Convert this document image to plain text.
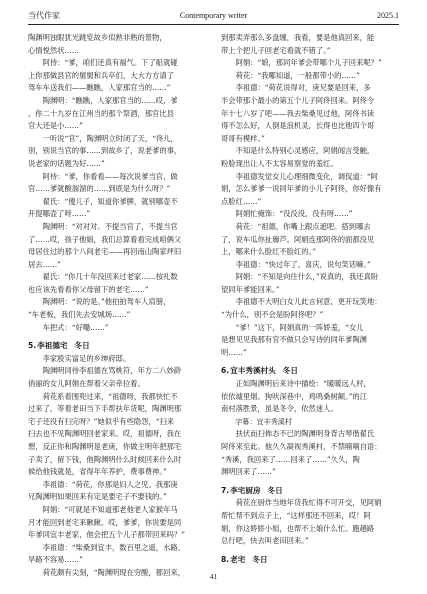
当代作家	Contemporary writer	2025.1

陶渊明浊眼犹光跳览故乡似熟非熟的景物，

心情悦然状……

阿侍：“爹，咱们还真有福气。下了船就碰

上你那做县官的舅舅和兵卒们，大大方方请了

驾车车送我们——瞧瞧，人家那官当的……”

陶渊明：“瞧瞧，人家那官当的……哎，爹

，你二十九岁在江州当的那个祭酒，那官比县

官大还是小……”

一听说“官”，陶渊明立时闭了天，“佟儿，

别，别说当官的事……到故乡了，说老爹的事，

说老家的话题为好……”

阿侍：“爹，你看看——每次说爹当官，做

官……爹就酸溜溜的……到底是为什么呀？”

翟氏：“傻儿子，知道你爹脾，就别哪壶不

开提哪壶了呀……”

陶渊明：“对对对。不提当官了，不提当官

了……哎，孩子他娘，我们总算看看完成咱俩父

母居住过的那个八间老宅——再回南山陶家坪旧

居去……”

翟氏：“你几十年没回来过老家……按礼数

也应该先看看你父母留下的老宅……”

陶渊明：“说的是。”他拍拍驾车人肩膀，

“车老板，我们先去安城场……”

车把式：“好嘞……”

5.李祖德宅 冬日

李家殷实富足的乡绅府邸。

陶渊明同侍李祖德在骂桃符，年方二八妙龄

俏丽的女儿阿娟在帮着父亲牵拉着。

荷花系着围兜过来，“祖德呀，我都快忙不

过来了，等着老田当下手帮扶年货呢，陶渊明那

宅子还没有扫完呀？”她似乎有些隐怨，“扫来

扫去也不见陶渊明回老家来。哎，祖德呀，我在

想，反正你和陶渊明是老庚，你做主明年把那宅

子卖了，留下钱，他陶渊明什么时候回来什么时

候给他钱就是，省得年年养护，费事费神。”

李祖德：“荷花，你那是妇人之见。我那庚

兄陶渊明如果回来有定是要宅子不要钱的。”

阿娟：“可就是不知道那老他老人家猴年马

月才能回到老宅来瞅瞅。哎，爹爹，你说要是同

年爹同宜丰老家，他会把五个儿子都带回来吗？”

李祖德：“柴桑到宜丰，数百里之遥，水路、

旱路不容易……”

荷花颇有尖刻，“陶渊明现在穷酸，都回来，

到那卖弄那么多盘缠，我看，要是他真回来，能

带上个把儿子回老宅看就不错了。”

阿娟：“娘，那同年爹会带哪个儿子回来呢？”

荷花：“我哪知道，一般都带小的……”

李祖德：“荷花说得对，庚兄要是回来，多

半会带那个最小的第五个儿子阿佟回来。阿佟今

年十七八岁了吧——我去柴桑见过他，阿佟书读

得不怎么好，人倒是浪机灵，长得也比他四个哥

哥哥有模样。”

不知是什么特别心灵感应，阿娟闻言受触，

粉脸现出让人不太容易察觉的羞红。

李祖德发觉女儿心理细微变化，调侃道：“阿

娟，怎么爹爹一说同年爹的小儿子阿佟，你好像有

点脸红……”

阿娟忙掩饰：“没没没，没有呀……”

荷花：“祖德，你嘴上跟点遮吧。搭到哪去

了，说车瓜你扯薅芦。阿娟连那阿佟的面都没见

上，哪来什么脸红不脸红的。”

李祖德：“快过年了，喜庆，说句笑话嘛。”

阿娟：“不知是向往什么，”说真的，我还真盼

望同年爹能回来。”

李祖德不大明白女儿此言何意，更开玩笑地：

“为什么，别不会是盼阿佟吧？”

“爹！”这下，阿娟真的一阵娇羞，“女儿

是想见见我那有官不做只会写诗的同年爹陶渊

明……”

6.宜丰秀溪村头 冬日

正如陶渊明后来诗中描绘：“暖暖远人村，

依依墟里烟。狗吠深巷中，鸡鸣桑树颠。”的江

南村落胜景，虽是冬令，依然迷人。

字幕：宜丰秀溪村

扶伏而扫佈态不已的陶渊明身背古琴偕翟氏

阿佟来至此。他久久凝视秀溪村，不禁喃喃自语：

“秀溪，我回来了……回来了……”久久，陶

渊明回来了……”

7.李宅厨房 冬日

荷花在厨炸当地年货我忙得不可开交，见阿娟

帮忙帮不到点子上，“这样那还不回来，哎！阿

娟，你这娇娇小姐，也帮不上娘什么忙。跑趟路

总行吧，快去叫老田回来。”

8.老宅 冬日
41
